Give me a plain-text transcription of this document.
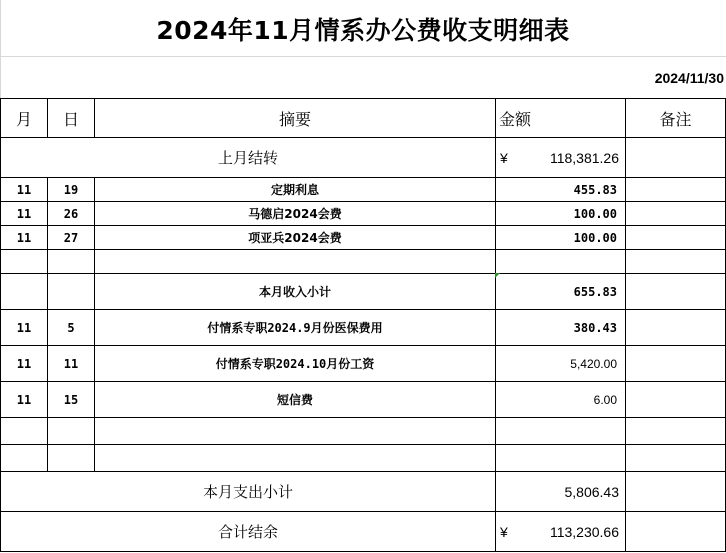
2024年11月情系办公费收支明细表
2024/11/30
月	日	摘要	金额	备注
上月结转			¥ 118,381.26	

11	19	定期利息	455.83	
11	26	马德启2024会费	100.00	
11	27	项亚兵2024会费	100.00	

		本月收入小计	655.83	
11	5	付情系专职2024.9月份医保费用	380.43	
11	11	付情系专职2024.10月份工资	5,420.00	
11	15	短信费	6.00	

本月支出小计			5,806.43	
合计结余			¥ 113,230.66	
